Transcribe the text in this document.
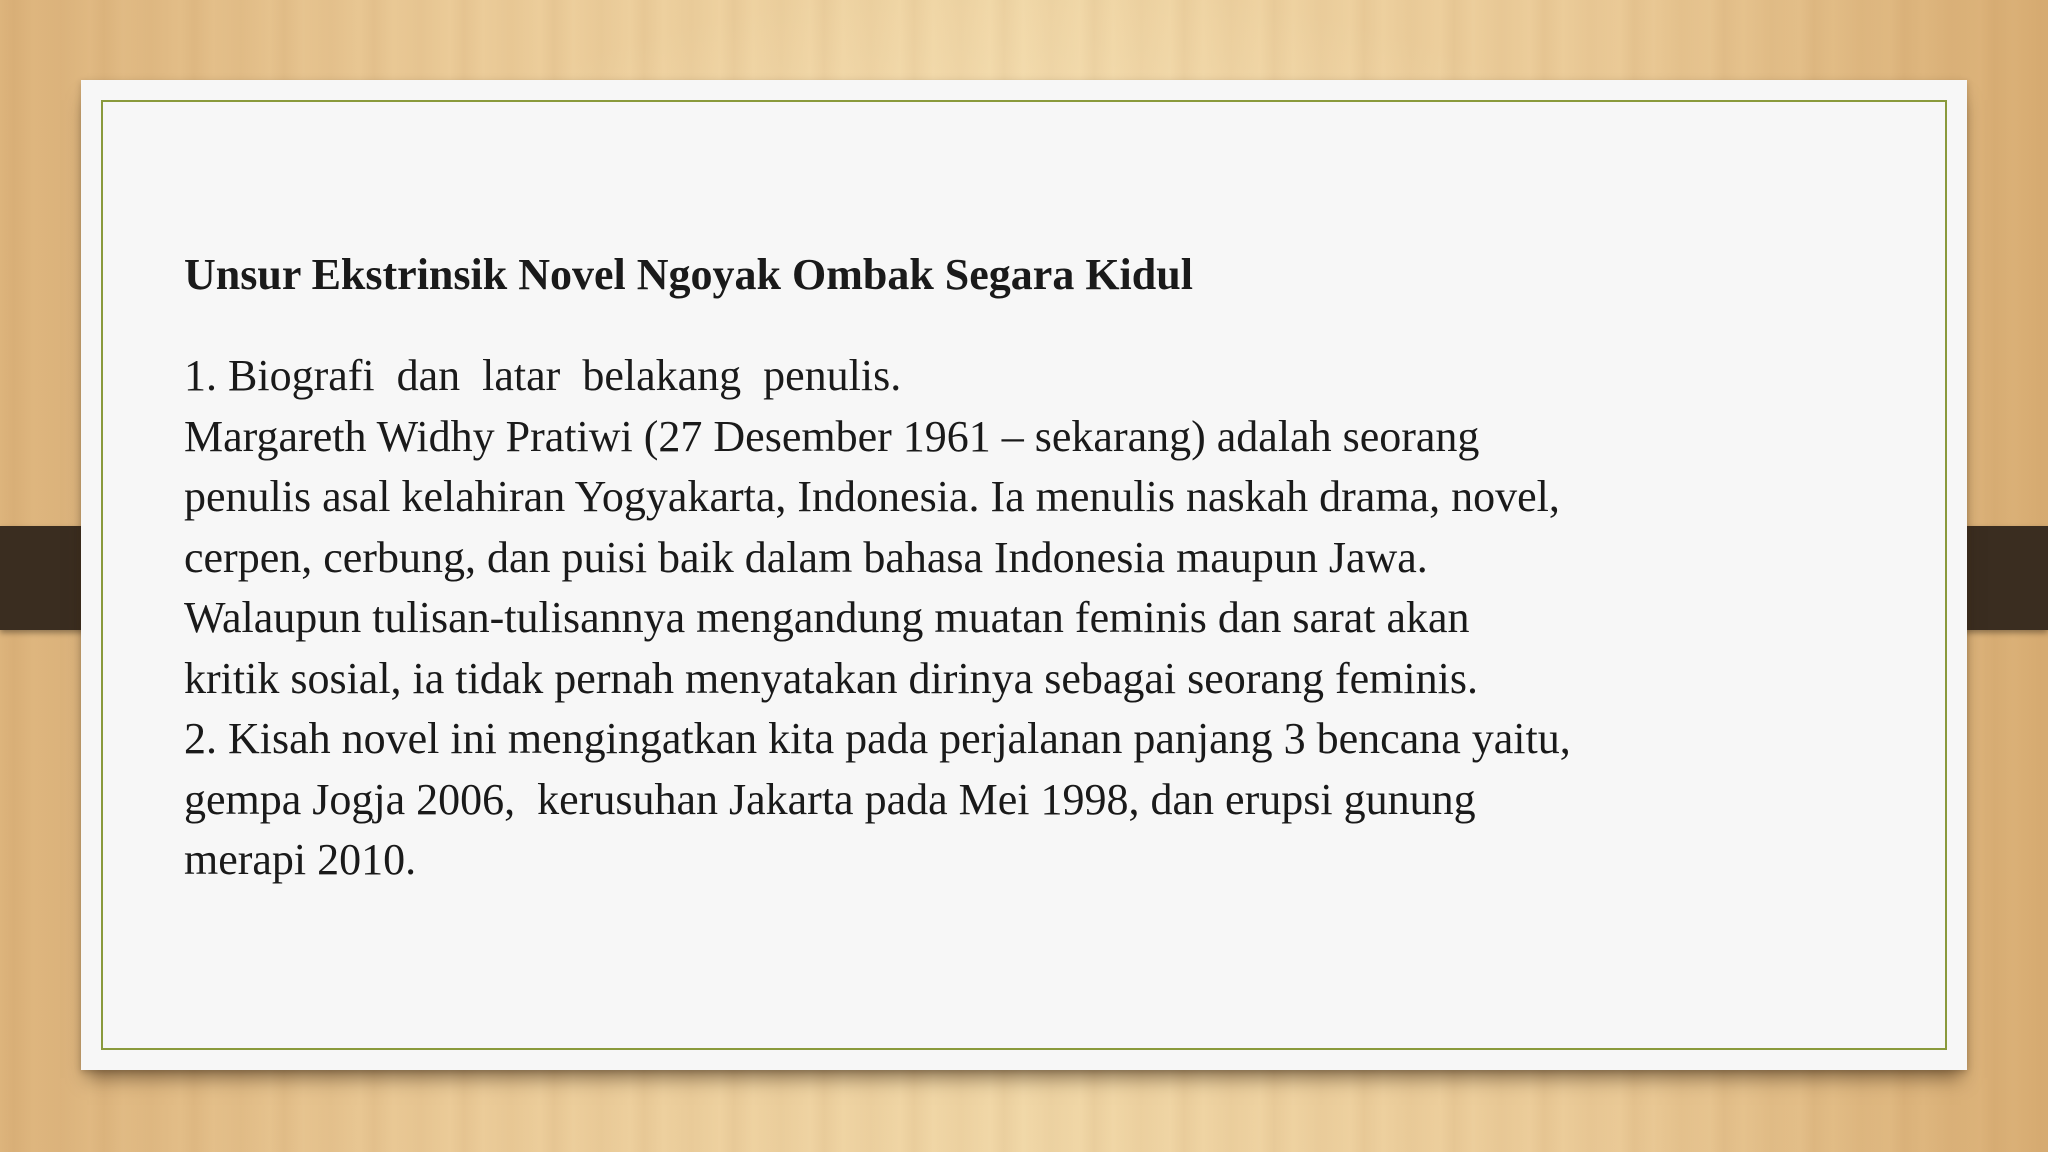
Unsur Ekstrinsik Novel Ngoyak Ombak Segara Kidul
1. Biografi  dan  latar  belakang  penulis.
Margareth Widhy Pratiwi (27 Desember 1961 – sekarang) adalah seorang
penulis asal kelahiran Yogyakarta, Indonesia. Ia menulis naskah drama, novel,
cerpen, cerbung, dan puisi baik dalam bahasa Indonesia maupun Jawa.
Walaupun tulisan-tulisannya mengandung muatan feminis dan sarat akan
kritik sosial, ia tidak pernah menyatakan dirinya sebagai seorang feminis.
2. Kisah novel ini mengingatkan kita pada perjalanan panjang 3 bencana yaitu,
gempa Jogja 2006,  kerusuhan Jakarta pada Mei 1998, dan erupsi gunung
merapi 2010.
